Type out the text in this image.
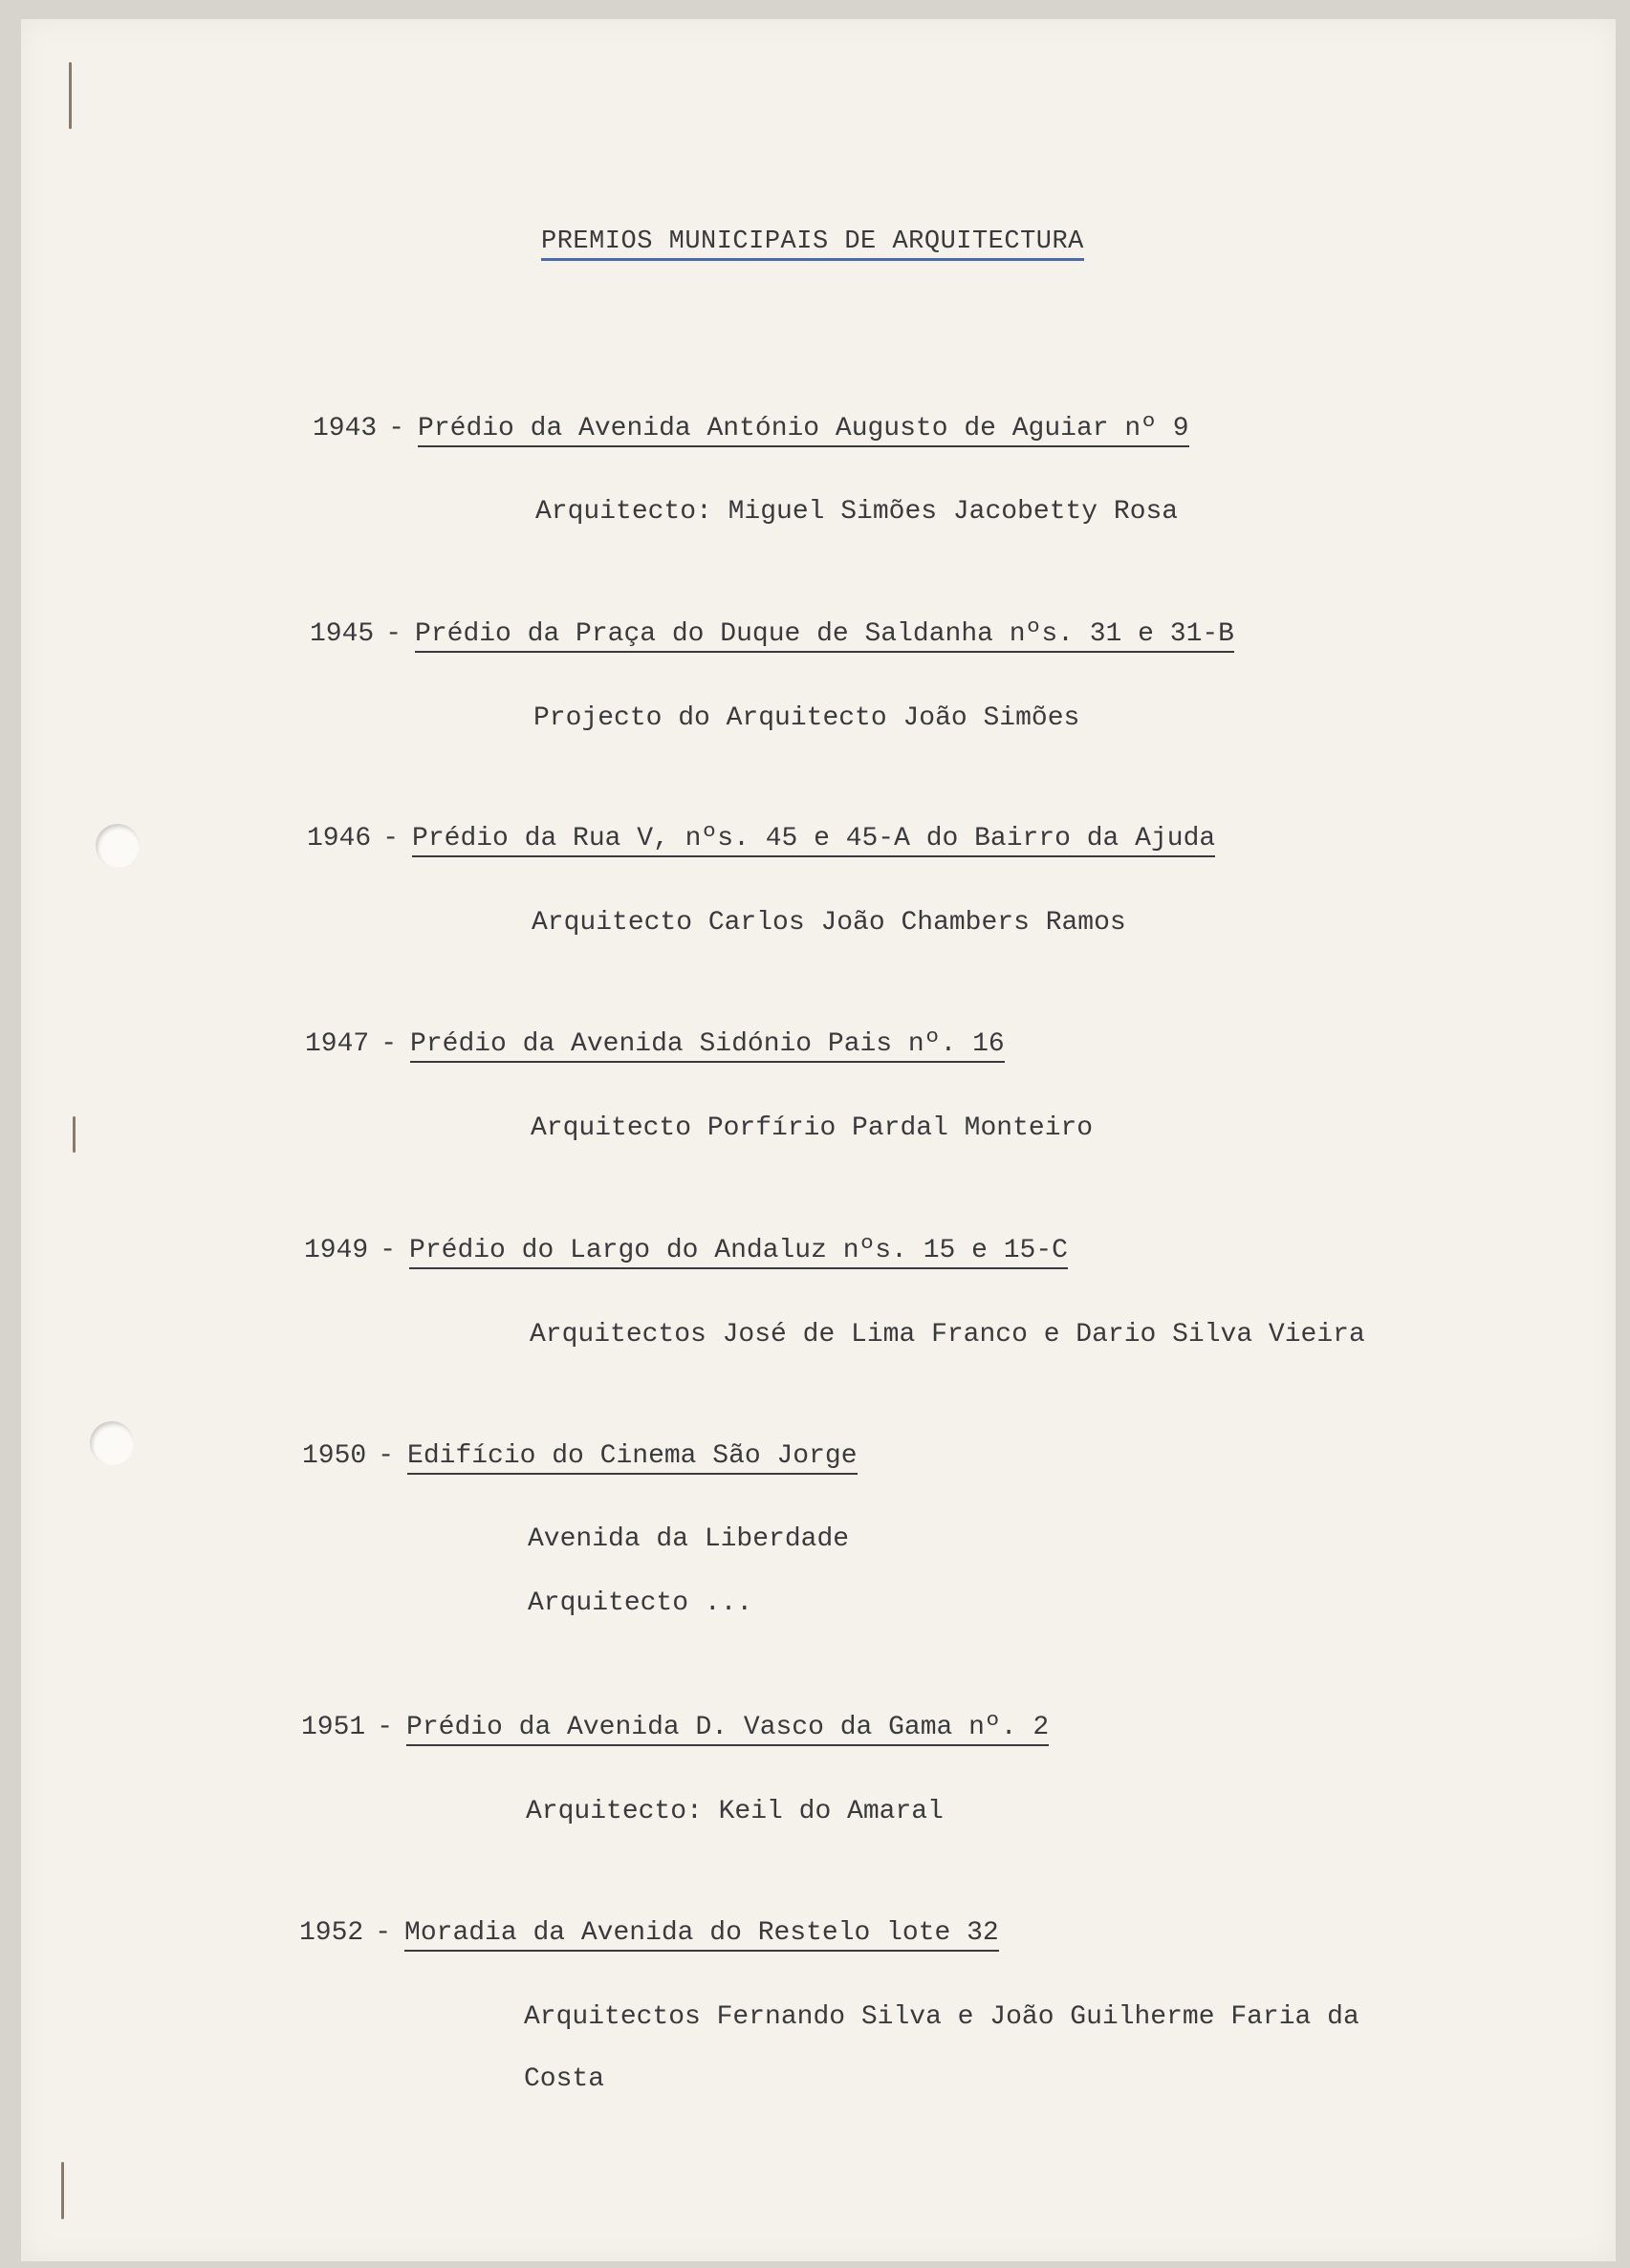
PREMIOS MUNICIPAIS DE ARQUITECTURA
1943 - Prédio da Avenida António Augusto de Aguiar nº 9
Arquitecto: Miguel Simões Jacobetty Rosa
1945 - Prédio da Praça do Duque de Saldanha nºs. 31 e 31-B
Projecto do Arquitecto João Simões
1946 - Prédio da Rua V, nºs. 45 e 45-A do Bairro da Ajuda
Arquitecto Carlos João Chambers Ramos
1947 - Prédio da Avenida Sidónio Pais nº. 16
Arquitecto Porfírio Pardal Monteiro
1949 - Prédio do Largo do Andaluz nºs. 15 e 15-C
Arquitectos José de Lima Franco e Dario Silva Vieira
1950 - Edifício do Cinema São Jorge
Avenida da Liberdade
Arquitecto ...
1951 - Prédio da Avenida D. Vasco da Gama nº. 2
Arquitecto: Keil do Amaral
1952 - Moradia da Avenida do Restelo lote 32
Arquitectos Fernando Silva e João Guilherme Faria da
Costa
